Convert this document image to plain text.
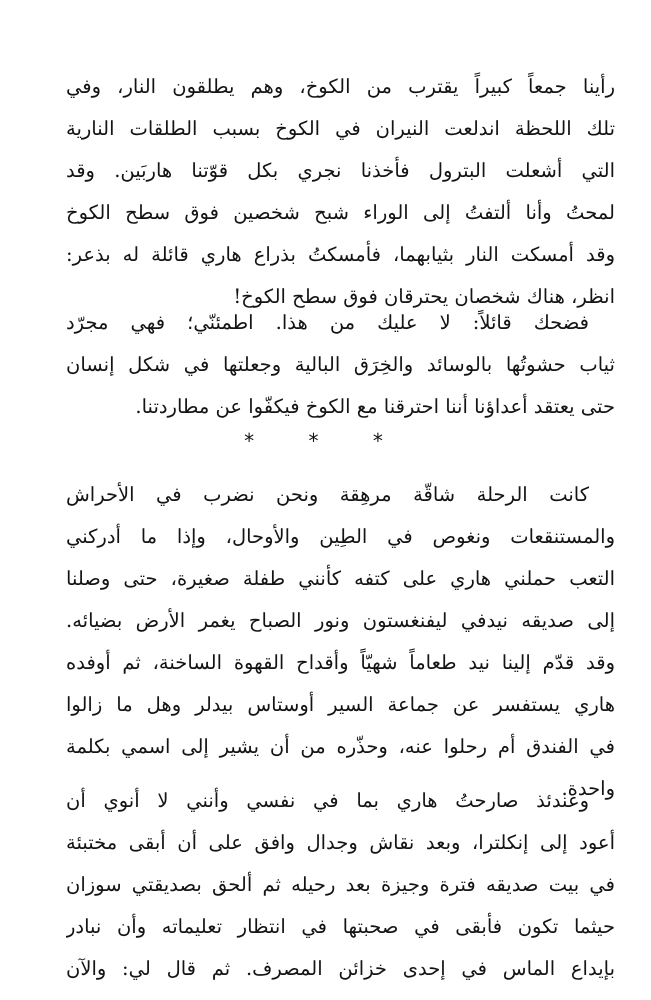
رأينا جمعاً كبيراً يقترب من الكوخ، وهم يطلقون النار، وفي
تلك اللحظة اندلعت النيران في الكوخ بسبب الطلقات النارية
التي أشعلت البترول فأخذنا نجري بكل قوّتنا هاربَين. وقد
لمحتُ وأنا ألتفتُ إلى الوراء شبح شخصين فوق سطح الكوخ
وقد أمسكت النار بثيابهما، فأمسكتُ بذراع هاري قائلة له بذعر:
انظر، هناك شخصان يحترقان فوق سطح الكوخ!
فضحك قائلاً: لا عليك من هذا. اطمئنّي؛ فهي مجرّد
ثياب حشوتُها بالوسائد والخِرَق البالية وجعلتها في شكل إنسان
حتى يعتقد أعداؤنا أننا احترقنا مع الكوخ فيكفّوا عن مطاردتنا.
* * *
كانت الرحلة شاقّة مرهِقة ونحن نضرب في الأحراش
والمستنقعات ونغوص في الطِين والأوحال، وإذا ما أدركني
التعب حملني هاري على كتفه كأنني طفلة صغيرة، حتى وصلنا
إلى صديقه نيدفي ليفنغستون ونور الصباح يغمر الأرض بضيائه.
وقد قدّم إلينا نيد طعاماً شهيّاً وأقداح القهوة الساخنة، ثم أوفده
هاري يستفسر عن جماعة السير أوستاس بيدلر وهل ما زالوا
في الفندق أم رحلوا عنه، وحذّره من أن يشير إلى اسمي بكلمة
واحدة.
وعندئذ صارحتُ هاري بما في نفسي وأنني لا أنوي أن
أعود إلى إنكلترا، وبعد نقاش وجدال وافق على أن أبقى مختبئة
في بيت صديقه فترة وجيزة بعد رحيله ثم ألحق بصديقتي سوزان
حيثما تكون فأبقى في صحبتها في انتظار تعليماته وأن نبادر
بإيداع الماس في إحدى خزائن المصرف. ثم قال لي: والآن
